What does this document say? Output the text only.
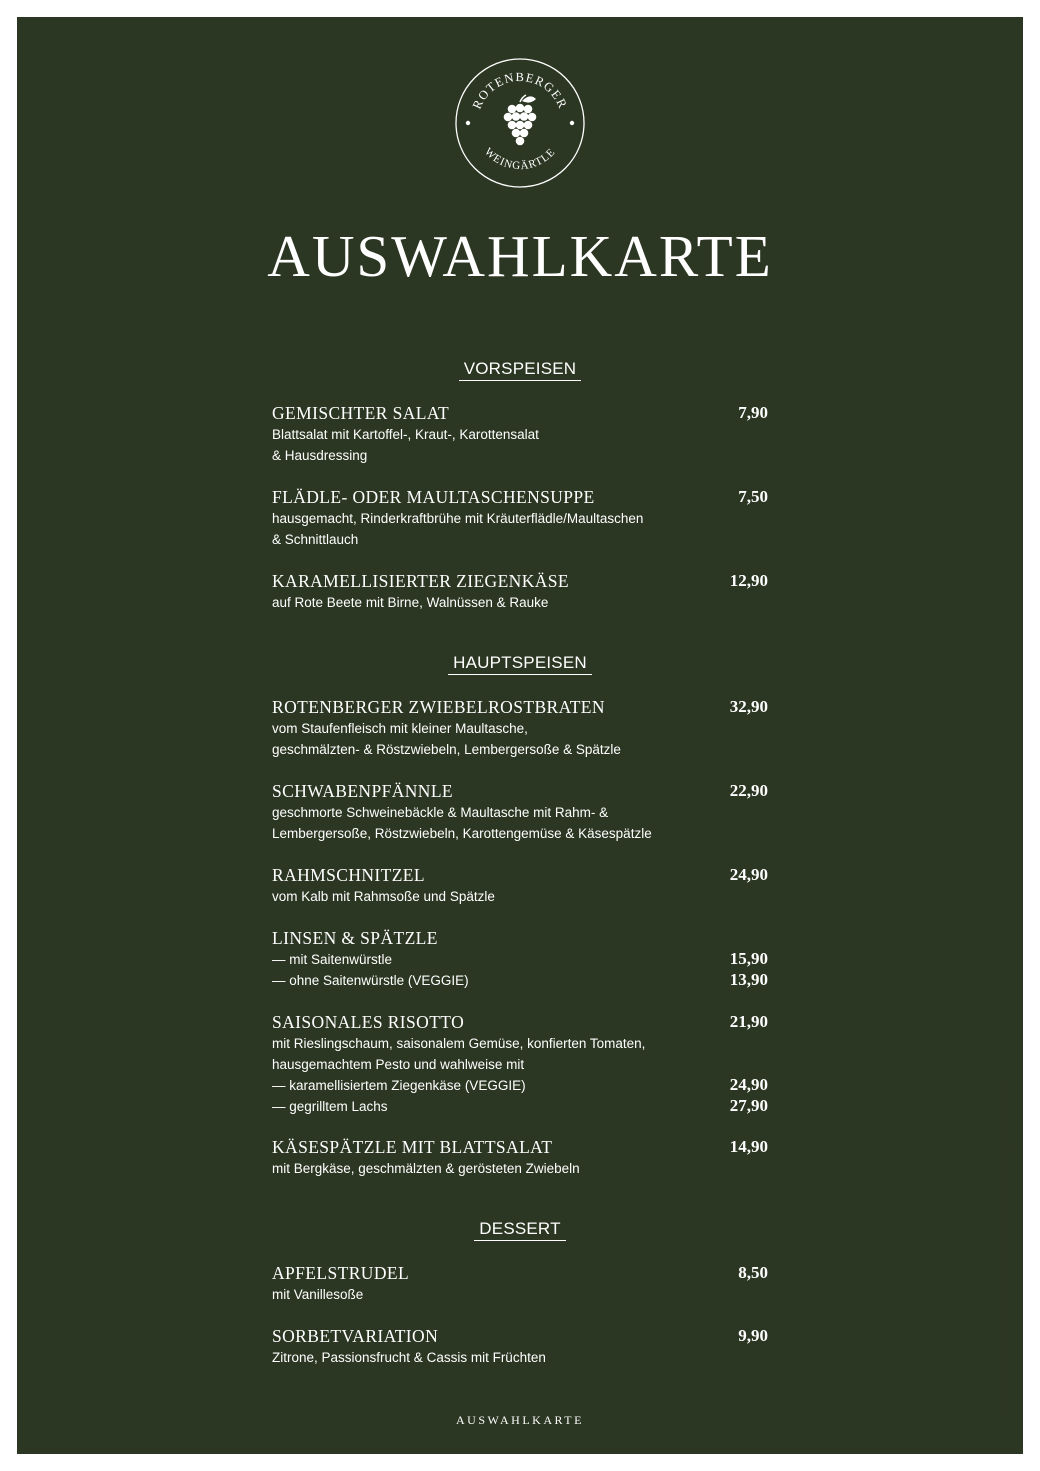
ROTENBERGER
WEINGÄRTLE
AUSWAHLKARTE
VORSPEISEN
GEMISCHTER SALAT	7,90
Blattsalat mit Kartoffel-, Kraut-, Karottensalat
& Hausdressing
FLÄDLE- ODER MAULTASCHENSUPPE	7,50
hausgemacht, Rinderkraftbrühe mit Kräuterflädle/Maultaschen
& Schnittlauch
KARAMELLISIERTER ZIEGENKÄSE	12,90
auf Rote Beete mit Birne, Walnüssen & Rauke
HAUPTSPEISEN
ROTENBERGER ZWIEBELROSTBRATEN	32,90
vom Staufenfleisch mit kleiner Maultasche,
geschmälzten- & Röstzwiebeln, Lembergersoße & Spätzle
SCHWABENPFÄNNLE	22,90
geschmorte Schweinebäckle & Maultasche mit Rahm- &
Lembergersoße, Röstzwiebeln, Karottengemüse & Käsespätzle
RAHMSCHNITZEL	24,90
vom Kalb mit Rahmsoße und Spätzle
LINSEN & SPÄTZLE
— mit Saitenwürstle	15,90
— ohne Saitenwürstle (VEGGIE)	13,90
SAISONALES RISOTTO	21,90
mit Rieslingschaum, saisonalem Gemüse, konfierten Tomaten,
hausgemachtem Pesto und wahlweise mit
— karamellisiertem Ziegenkäse (VEGGIE)	24,90
— gegrilltem Lachs	27,90
KÄSESPÄTZLE MIT BLATTSALAT	14,90
mit Bergkäse, geschmälzten & gerösteten Zwiebeln
DESSERT
APFELSTRUDEL	8,50
mit Vanillesoße
SORBETVARIATION	9,90
Zitrone, Passionsfrucht & Cassis mit Früchten
AUSWAHLKARTE
Allergene und Zusatzstoffe können in einer separaten Karte eingelesen werden.
